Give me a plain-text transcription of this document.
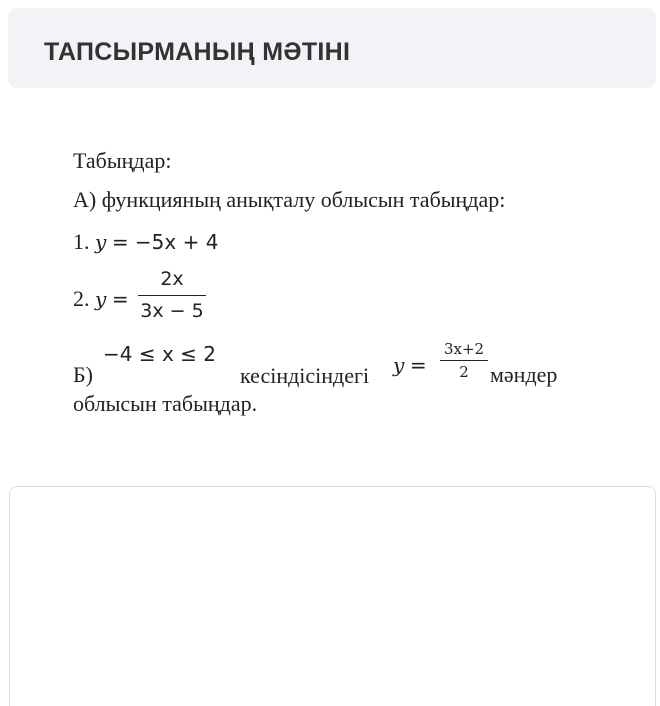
ТАПСЫРМАНЫҢ МӘТІНІ
Табыңдар:
А) функцияның анықталу облысын табыңдар:
1. y = −5x + 4
2. y =
2x
3x − 5
Б)
−4 ≤ x ≤ 2
кесіндісіндегі y =
3x+2
2 мәндер
облысын табыңдар.
